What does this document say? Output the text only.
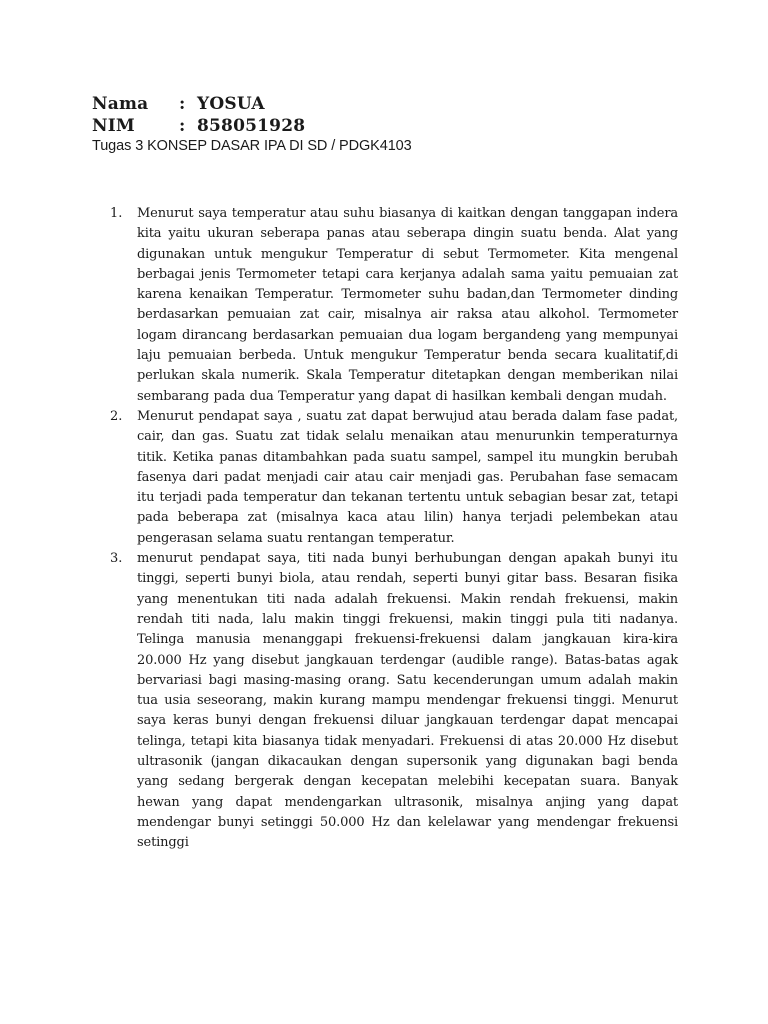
Nama	: YOSUA
NIM	: 858051928
Tugas 3 KONSEP DASAR IPA DI SD / PDGK4103
1.	Menurut saya temperatur atau suhu biasanya di kaitkan dengan tanggapan indera kita yaitu ukuran seberapa panas atau seberapa dingin suatu benda. Alat yang digunakan untuk mengukur Temperatur di sebut Termometer. Kita mengenal berbagai jenis Termometer tetapi cara kerjanya adalah sama yaitu pemuaian zat karena kenaikan Temperatur. Termometer suhu badan,dan Termometer dinding berdasarkan pemuaian zat cair, misalnya air raksa atau alkohol. Termometer logam dirancang berdasarkan pemuaian dua logam bergandeng yang mempunyai laju pemuaian berbeda. Untuk mengukur Temperatur benda secara kualitatif,di perlukan skala numerik. Skala Temperatur ditetapkan dengan memberikan nilai sembarang pada dua Temperatur yang dapat di hasilkan kembali dengan mudah.
2.	Menurut pendapat saya , suatu zat dapat berwujud atau berada dalam fase padat, cair, dan gas. Suatu zat tidak selalu menaikan atau menurunkin temperaturnya titik. Ketika panas ditambahkan pada suatu sampel, sampel itu mungkin berubah fasenya dari padat menjadi cair atau cair menjadi gas. Perubahan fase semacam itu terjadi pada temperatur dan tekanan tertentu untuk sebagian besar zat, tetapi pada beberapa zat (misalnya kaca atau lilin) hanya terjadi pelembekan atau pengerasan selama suatu rentangan temperatur.
3.	menurut pendapat saya, titi nada bunyi berhubungan dengan apakah bunyi itu tinggi, seperti bunyi biola, atau rendah, seperti bunyi gitar bass. Besaran fisika yang menentukan titi nada adalah frekuensi. Makin rendah frekuensi, makin rendah titi nada, lalu makin tinggi frekuensi, makin tinggi pula titi nadanya. Telinga manusia menanggapi frekuensi-frekuensi dalam jangkauan kira-kira 20.000 Hz yang disebut jangkauan terdengar (audible range). Batas-batas agak bervariasi bagi masing-masing orang. Satu kecenderungan umum adalah makin tua usia seseorang, makin kurang mampu mendengar frekuensi tinggi. Menurut saya keras bunyi dengan frekuensi diluar jangkauan terdengar dapat mencapai telinga, tetapi kita biasanya tidak menyadari. Frekuensi di atas 20.000 Hz disebut ultrasonik (jangan dikacaukan dengan supersonik yang digunakan bagi benda yang sedang bergerak dengan kecepatan melebihi kecepatan suara. Banyak hewan yang dapat mendengarkan ultrasonik, misalnya anjing yang dapat mendengar bunyi setinggi 50.000 Hz dan kelelawar yang mendengar frekuensi setinggi
